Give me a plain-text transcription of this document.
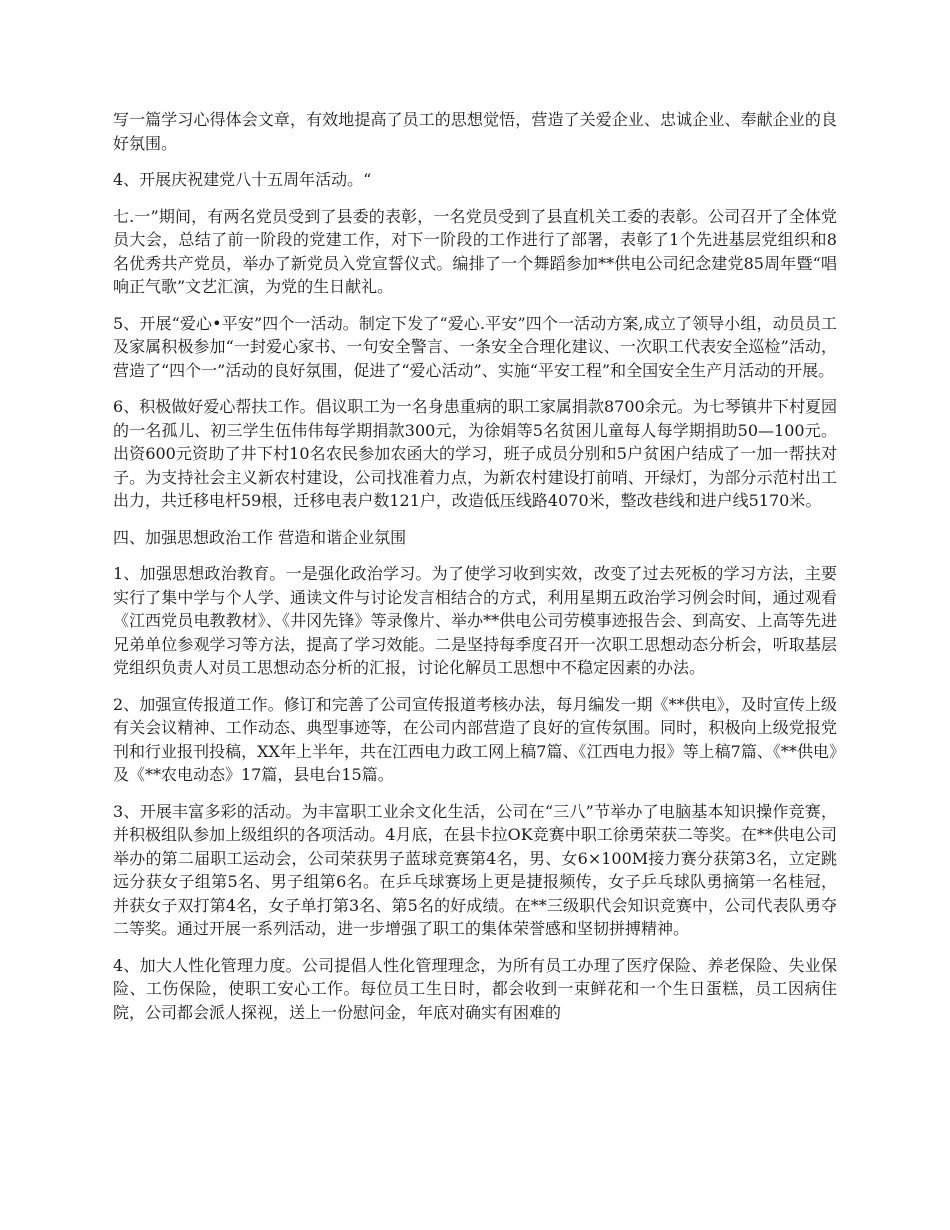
写一篇学习心得体会文章，有效地提高了员工的思想觉悟，营造了关爱企业、忠诚企业、奉献企业的良好氛围。

4、开展庆祝建党八十五周年活动。“

七.一”期间，有两名党员受到了县委的表彰，一名党员受到了县直机关工委的表彰。公司召开了全体党员大会，总结了前一阶段的党建工作，对下一阶段的工作进行了部署，表彰了1个先进基层党组织和8名优秀共产党员，举办了新党员入党宣誓仪式。编排了一个舞蹈参加**供电公司纪念建党85周年暨“唱响正气歌”文艺汇演，为党的生日献礼。

5、开展“爱心•平安”四个一活动。制定下发了“爱心.平安”四个一活动方案,成立了领导小组，动员员工及家属积极参加“一封爱心家书、一句安全警言、一条安全合理化建议、一次职工代表安全巡检”活动，营造了“四个一”活动的良好氛围，促进了“爱心活动”、实施“平安工程”和全国安全生产月活动的开展。

6、积极做好爱心帮扶工作。倡议职工为一名身患重病的职工家属捐款8700余元。为七琴镇井下村夏园的一名孤儿、初三学生伍伟伟每学期捐款300元，为徐娟等5名贫困儿童每人每学期捐助50—100元。出资600元资助了井下村10名农民参加农函大的学习，班子成员分别和5户贫困户结成了一加一帮扶对子。为支持社会主义新农村建设，公司找准着力点，为新农村建设打前哨、开绿灯，为部分示范村出工出力，共迁移电杆59根，迁移电表户数121户，改造低压线路4070米，整改巷线和进户线5170米。

四、加强思想政治工作 营造和谐企业氛围

1、加强思想政治教育。一是强化政治学习。为了使学习收到实效，改变了过去死板的学习方法，主要实行了集中学与个人学、通读文件与讨论发言相结合的方式，利用星期五政治学习例会时间，通过观看《江西党员电教教材》、《井冈先锋》等录像片、举办**供电公司劳模事迹报告会、到高安、上高等先进兄弟单位参观学习等方法，提高了学习效能。二是坚持每季度召开一次职工思想动态分析会，听取基层党组织负责人对员工思想动态分析的汇报，讨论化解员工思想中不稳定因素的办法。

2、加强宣传报道工作。修订和完善了公司宣传报道考核办法，每月编发一期《**供电》，及时宣传上级有关会议精神、工作动态、典型事迹等，在公司内部营造了良好的宣传氛围。同时，积极向上级党报党刊和行业报刊投稿，XX年上半年，共在江西电力政工网上稿7篇、《江西电力报》等上稿7篇、《**供电》及《**农电动态》17篇，县电台15篇。

3、开展丰富多彩的活动。为丰富职工业余文化生活，公司在“三八”节举办了电脑基本知识操作竞赛，并积极组队参加上级组织的各项活动。4月底，在县卡拉OK竞赛中职工徐勇荣获二等奖。在**供电公司举办的第二届职工运动会，公司荣获男子蓝球竞赛第4名，男、女6×100M接力赛分获第3名，立定跳远分获女子组第5名、男子组第6名。在乒乓球赛场上更是捷报频传，女子乒乓球队勇摘第一名桂冠，并获女子双打第4名，女子单打第3名、第5名的好成绩。在**三级职代会知识竞赛中，公司代表队勇夺二等奖。通过开展一系列活动，进一步增强了职工的集体荣誉感和坚韧拼搏精神。

4、加大人性化管理力度。公司提倡人性化管理理念，为所有员工办理了医疗保险、养老保险、失业保险、工伤保险，使职工安心工作。每位员工生日时，都会收到一束鲜花和一个生日蛋糕，员工因病住院，公司都会派人探视，送上一份慰问金，年底对确实有困难的
